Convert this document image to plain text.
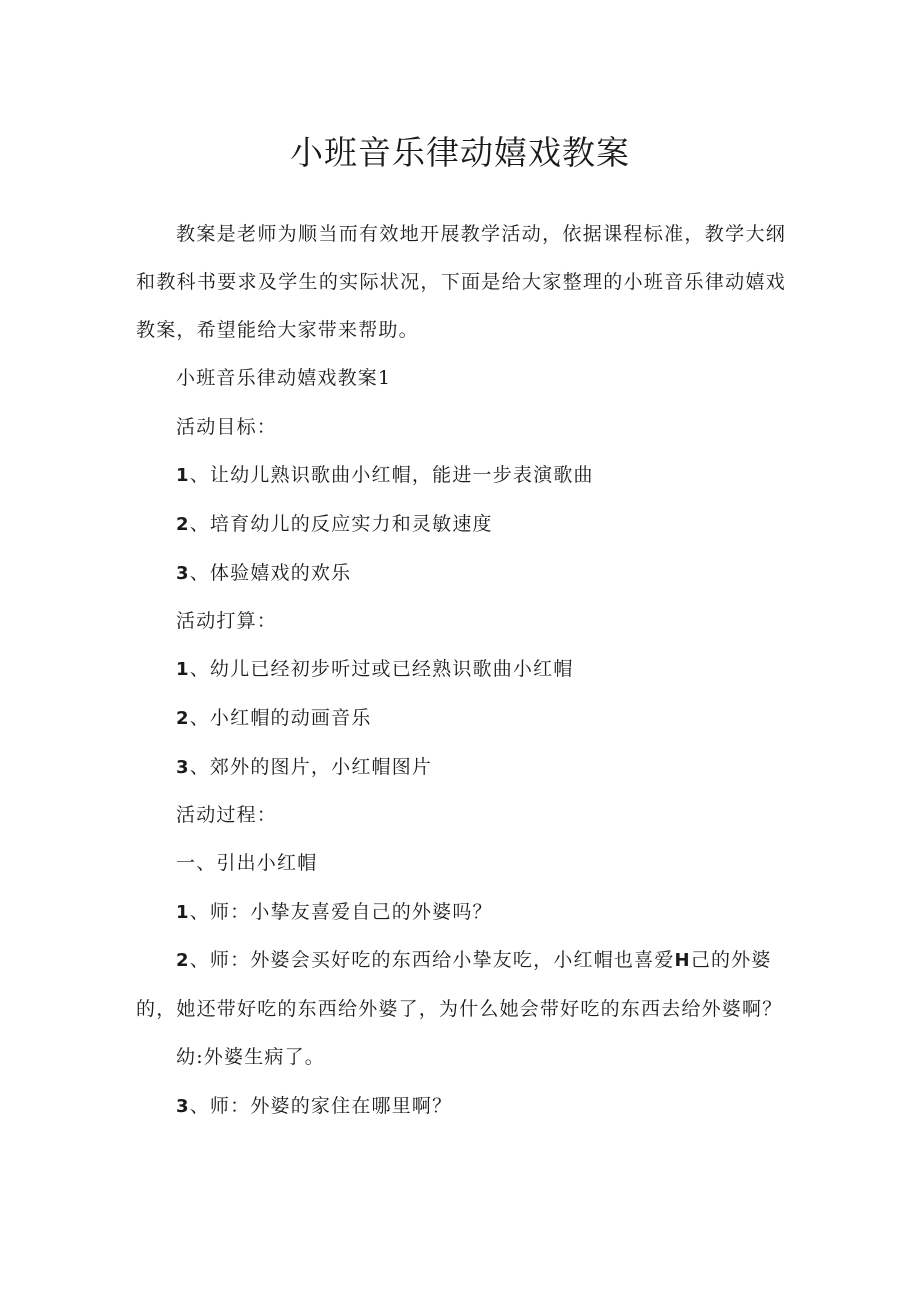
小班音乐律动嬉戏教案

教案是老师为顺当而有效地开展教学活动，依据课程标准，教学大纲和教科书要求及学生的实际状况，下面是给大家整理的小班音乐律动嬉戏教案，希望能给大家带来帮助。

小班音乐律动嬉戏教案1

活动目标：

1、让幼儿熟识歌曲小红帽，能进一步表演歌曲

2、培育幼儿的反应实力和灵敏速度

3、体验嬉戏的欢乐

活动打算：

1、幼儿已经初步听过或已经熟识歌曲小红帽

2、小红帽的动画音乐

3、郊外的图片，小红帽图片

活动过程：

一、引出小红帽

1、师：小挚友喜爱自己的外婆吗？

2、师：外婆会买好吃的东西给小挚友吃，小红帽也喜爱H己的外婆的，她还带好吃的东西给外婆了，为什么她会带好吃的东西去给外婆啊？

幼:外婆生病了。

3、师：外婆的家住在哪里啊？
